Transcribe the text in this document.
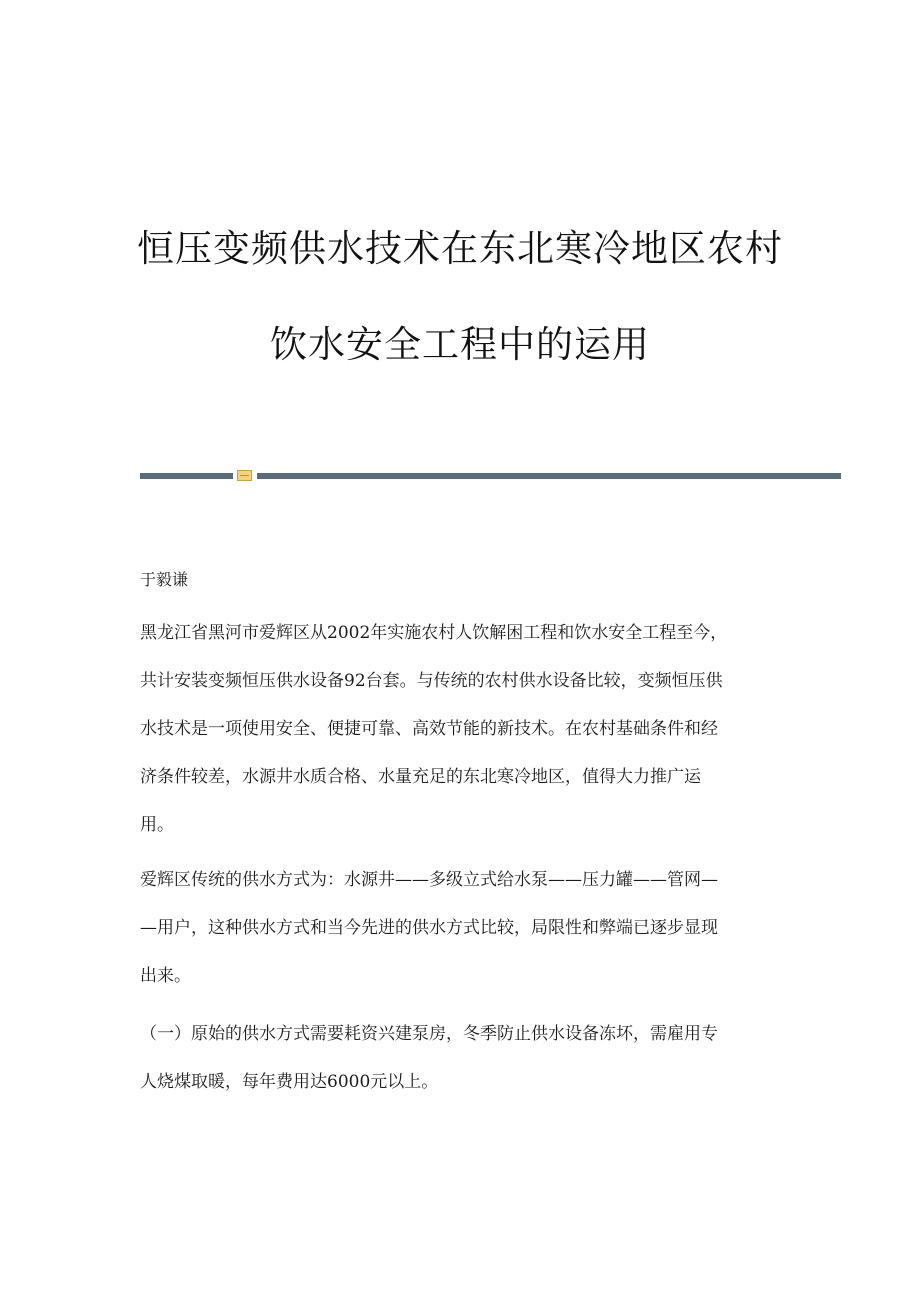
恒压变频供水技术在东北寒冷地区农村
饮水安全工程中的运用
于毅谦
黑龙江省黑河市爱辉区从2002年实施农村人饮解困工程和饮水安全工程至今，
共计安装变频恒压供水设备92台套。与传统的农村供水设备比较，变频恒压供
水技术是一项使用安全、便捷可靠、高效节能的新技术。在农村基础条件和经
济条件较差，水源井水质合格、水量充足的东北寒冷地区，值得大力推广运
用。
爱辉区传统的供水方式为：水源井——多级立式给水泵——压力罐——管网—
—用户，这种供水方式和当今先进的供水方式比较，局限性和弊端已逐步显现
出来。
（一）原始的供水方式需要耗资兴建泵房，冬季防止供水设备冻坏，需雇用专
人烧煤取暖，每年费用达6000元以上。
